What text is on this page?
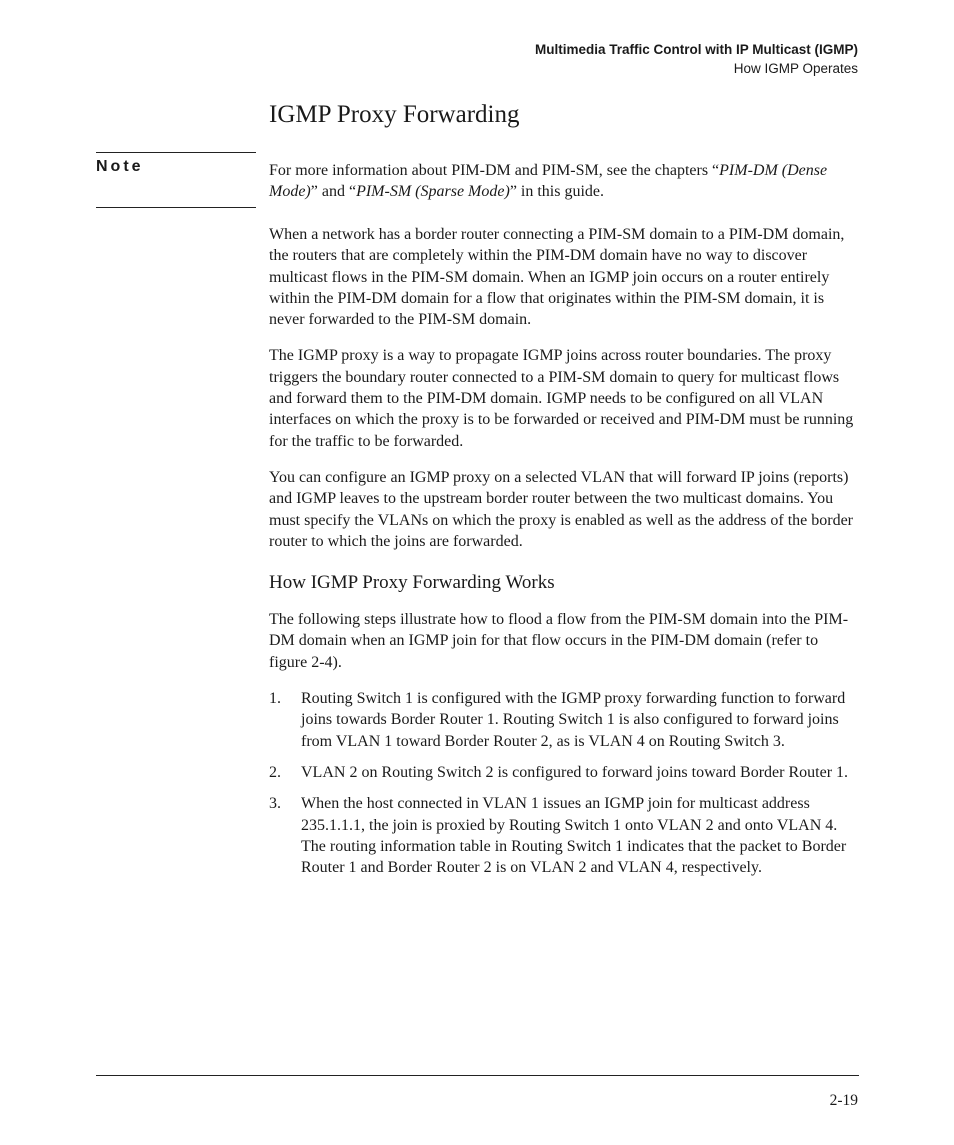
Multimedia Traffic Control with IP Multicast (IGMP)
How IGMP Operates
IGMP Proxy Forwarding
Note	For more information about PIM-DM and PIM-SM, see the chapters “PIM-DM (Dense Mode)” and “PIM-SM (Sparse Mode)” in this guide.

When a network has a border router connecting a PIM-SM domain to a PIM-DM domain, the routers that are completely within the PIM-DM domain have no way to discover multicast flows in the PIM-SM domain. When an IGMP join occurs on a router entirely within the PIM-DM domain for a flow that originates within the PIM-SM domain, it is never forwarded to the PIM-SM domain.

The IGMP proxy is a way to propagate IGMP joins across router boundaries. The proxy triggers the boundary router connected to a PIM-SM domain to query for multicast flows and forward them to the PIM-DM domain. IGMP needs to be configured on all VLAN interfaces on which the proxy is to be forwarded or received and PIM-DM must be running for the traffic to be forwarded.

You can configure an IGMP proxy on a selected VLAN that will forward IP joins (reports) and IGMP leaves to the upstream border router between the two multicast domains. You must specify the VLANs on which the proxy is enabled as well as the address of the border router to which the joins are forwarded.

How IGMP Proxy Forwarding Works

The following steps illustrate how to flood a flow from the PIM-SM domain into the PIM-DM domain when an IGMP join for that flow occurs in the PIM-DM domain (refer to figure 2-4).

1. Routing Switch 1 is configured with the IGMP proxy forwarding function to forward joins towards Border Router 1. Routing Switch 1 is also configured to forward joins from VLAN 1 toward Border Router 2, as is VLAN 4 on Routing Switch 3.
2. VLAN 2 on Routing Switch 2 is configured to forward joins toward Border Router 1.
3. When the host connected in VLAN 1 issues an IGMP join for multicast address 235.1.1.1, the join is proxied by Routing Switch 1 onto VLAN 2 and onto VLAN 4. The routing information table in Routing Switch 1 indicates that the packet to Border Router 1 and Border Router 2 is on VLAN 2 and VLAN 4, respectively.
2-19
